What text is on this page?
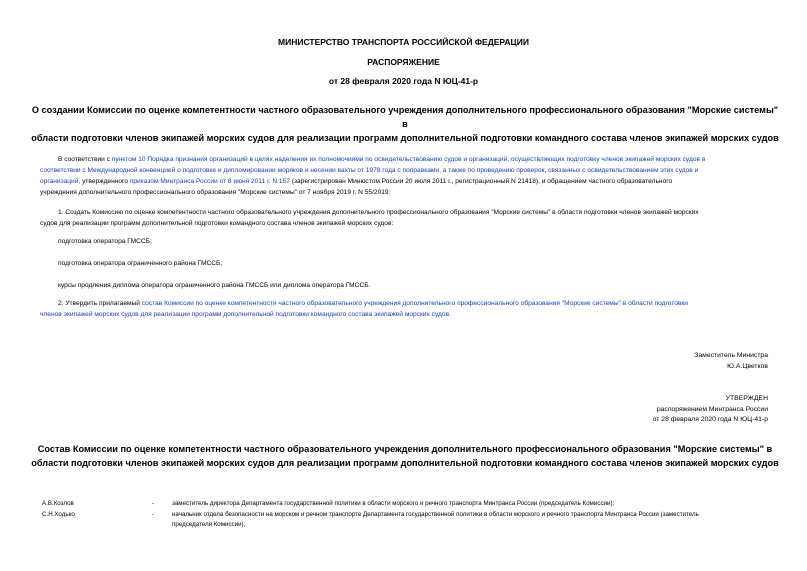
МИНИСТЕРСТВО ТРАНСПОРТА РОССИЙСКОЙ ФЕДЕРАЦИИ
РАСПОРЯЖЕНИЕ
от 28 февраля 2020 года N ЮЦ-41-р
О создании Комиссии по оценке компетентности частного образовательного учреждения дополнительного профессионального образования "Морские системы" в
области подготовки членов экипажей морских судов для реализации программ дополнительной подготовки командного состава членов экипажей морских судов
В соответствии с пунктом 10 Порядка признания организаций в целях наделения их полномочиями по освидетельствованию судов и организаций, осуществляющих подготовку членов экипажей морских судов в
соответствии с Международной конвенцией о подготовке и дипломировании моряков и несении вахты от 1978 года с поправками, а также по проведению проверок, связанных с освидетельствованием этих судов и
организаций, утвержденного приказом Минтранса России от 8 июня 2011 г. N 157 (зарегистрирован Минюстом России 20 июля 2011 г., регистрационный N 21418), и обращением частного образовательного
учреждения дополнительного профессионального образования "Морские системы" от 7 ноября 2019 г. N 55/2019:
1. Создать Комиссию по оценке компетентности частного образовательного учреждения дополнительного профессионального образования "Морские системы" в области подготовки членов экипажей морских
судов для реализации программ дополнительной подготовки командного состава членов экипажей морских судов:
подготовка оператора ГМССБ;
подготовка оператора ограниченного района ГМССБ;
курсы продления диплома оператора ограниченного района ГМССБ или диплома оператора ГМССБ.
2. Утвердить прилагаемый состав Комиссии по оценке компетентности частного образовательного учреждения дополнительного профессионального образования "Морские системы" в области подготовки
членов экипажей морских судов для реализации программ дополнительной подготовки командного состава экипажей морских судов.
Заместитель Министра
Ю.А.Цветков
УТВЕРЖДЕН
распоряжением Минтранса России
от 28 февраля 2020 года N ЮЦ-41-р
Состав Комиссии по оценке компетентности частного образовательного учреждения дополнительного профессионального образования "Морские системы" в
области подготовки членов экипажей морских судов для реализации программ дополнительной подготовки командного состава членов экипажей морских судов
А.В.Козлов	-	заместитель директора Департамента государственной политики в области морского и речного транспорта Минтранса России (председатель Комиссии);
С.Н.Ходько	-	начальник отдела безопасности на морском и речном транспорте Департамента государственной политики в области морского и речного транспорта Минтранса России (заместитель
председателя Комиссии);
